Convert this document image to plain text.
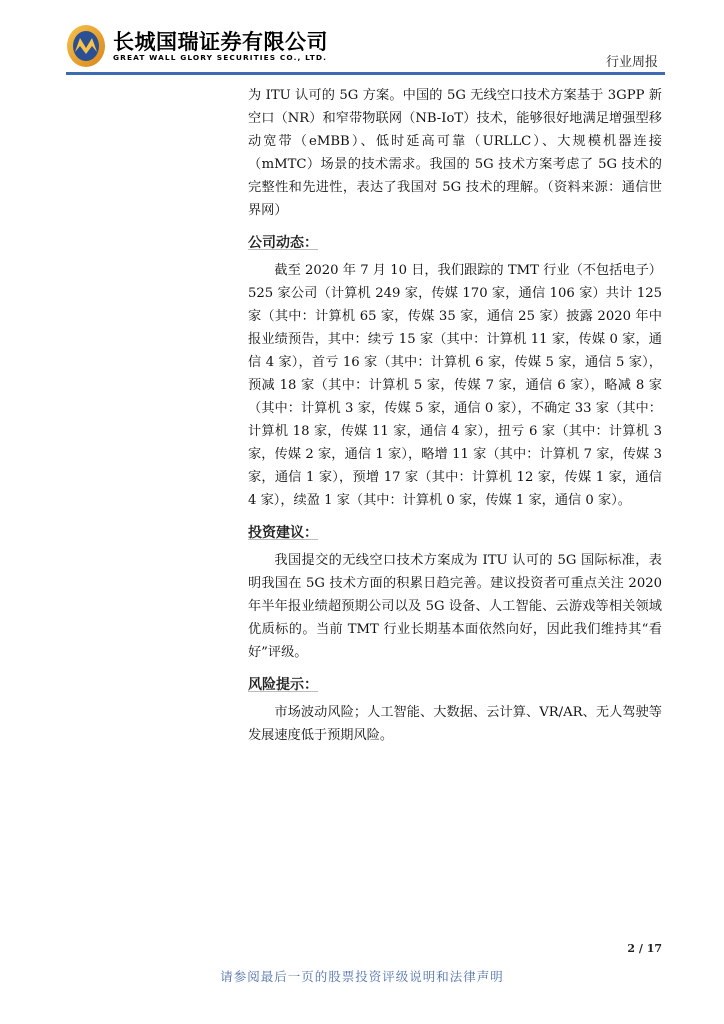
长城国瑞证券有限公司
GREAT WALL GLORY SECURITIES CO., LTD.	行业周报

为 ITU 认可的 5G 方案。中国的 5G 无线空口技术方案基于 3GPP 新空口（NR）和窄带物联网（NB-IoT）技术，能够很好地满足增强型移动宽带（eMBB）、低时延高可靠（URLLC）、大规模机器连接（mMTC）场景的技术需求。我国的 5G 技术方案考虑了 5G 技术的完整性和先进性，表达了我国对 5G 技术的理解。（资料来源：通信世界网）

公司动态：

截至 2020 年 7 月 10 日，我们跟踪的 TMT 行业（不包括电子）525 家公司（计算机 249 家，传媒 170 家，通信 106 家）共计 125 家（其中：计算机 65 家，传媒 35 家，通信 25 家）披露 2020 年中报业绩预告，其中：续亏 15 家（其中：计算机 11 家，传媒 0 家，通信 4 家），首亏 16 家（其中：计算机 6 家，传媒 5 家，通信 5 家），预减 18 家（其中：计算机 5 家，传媒 7 家，通信 6 家），略减 8 家（其中：计算机 3 家，传媒 5 家，通信 0 家），不确定 33 家（其中：计算机 18 家，传媒 11 家，通信 4 家），扭亏 6 家（其中：计算机 3 家，传媒 2 家，通信 1 家），略增 11 家（其中：计算机 7 家，传媒 3 家，通信 1 家），预增 17 家（其中：计算机 12 家，传媒 1 家，通信 4 家），续盈 1 家（其中：计算机 0 家，传媒 1 家，通信 0 家）。

投资建议：

我国提交的无线空口技术方案成为 ITU 认可的 5G 国际标准，表明我国在 5G 技术方面的积累日趋完善。建议投资者可重点关注 2020 年半年报业绩超预期公司以及 5G 设备、人工智能、云游戏等相关领域优质标的。当前 TMT 行业长期基本面依然向好，因此我们维持其“看好”评级。

风险提示：

市场波动风险；人工智能、大数据、云计算、VR/AR、无人驾驶等发展速度低于预期风险。

2 / 17
请参阅最后一页的股票投资评级说明和法律声明
